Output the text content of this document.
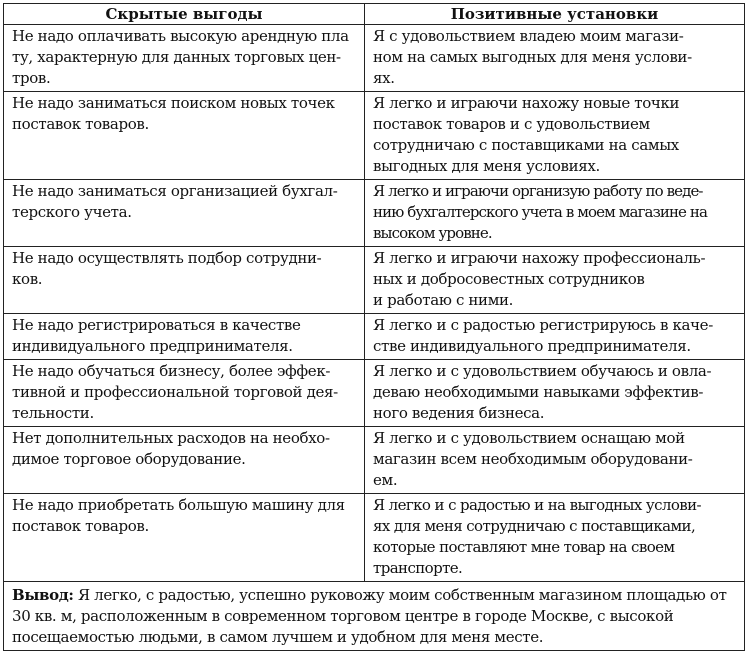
Скрытые выгоды	Позитивные установки

Не надо оплачивать высокую арендную пла
ту, характерную для данных торговых цен-
тров.	Я с удовольствием владею моим магази-
ном на самых выгодных для меня услови-
ях.

Не надо заниматься поиском новых точек
поставок товаров.	Я легко и играючи нахожу новые точки
поставок товаров и с удовольствием
сотрудничаю с поставщиками на самых
выгодных для меня условиях.

Не надо заниматься организацией бухгал-
терского учета.	Я легко и играючи организую работу по веде-
нию бухгалтерского учета в моем магазине на
высоком уровне.

Не надо осуществлять подбор сотрудни-
ков.	Я легко и играючи нахожу профессиональ-
ных и добросовестных сотрудников
и работаю с ними.

Не надо регистрироваться в качестве
индивидуального предпринимателя.	Я легко и с радостью регистрируюсь в каче-
стве индивидуального предпринимателя.

Не надо обучаться бизнесу, более эффек-
тивной и профессиональной торговой дея-
тельности.	Я легко и с удовольствием обучаюсь и овла-
деваю необходимыми навыками эффектив-
ного ведения бизнеса.

Нет дополнительных расходов на необхо-
димое торговое оборудование.	Я легко и с удовольствием оснащаю мой
магазин всем необходимым оборудовани-
ем.

Не надо приобретать большую машину для
поставок товаров.	Я легко и с радостью и на выгодных услови-
ях для меня сотрудничаю с поставщиками,
которые поставляют мне товар на своем
транспорте.

Вывод: Я легко, с радостью, успешно руковожу моим собственным магазином площадью от 30 кв. м, расположенным в современном торговом центре в городе Москве, с высокой посещаемостью людьми, в самом лучшем и удобном для меня месте.	
